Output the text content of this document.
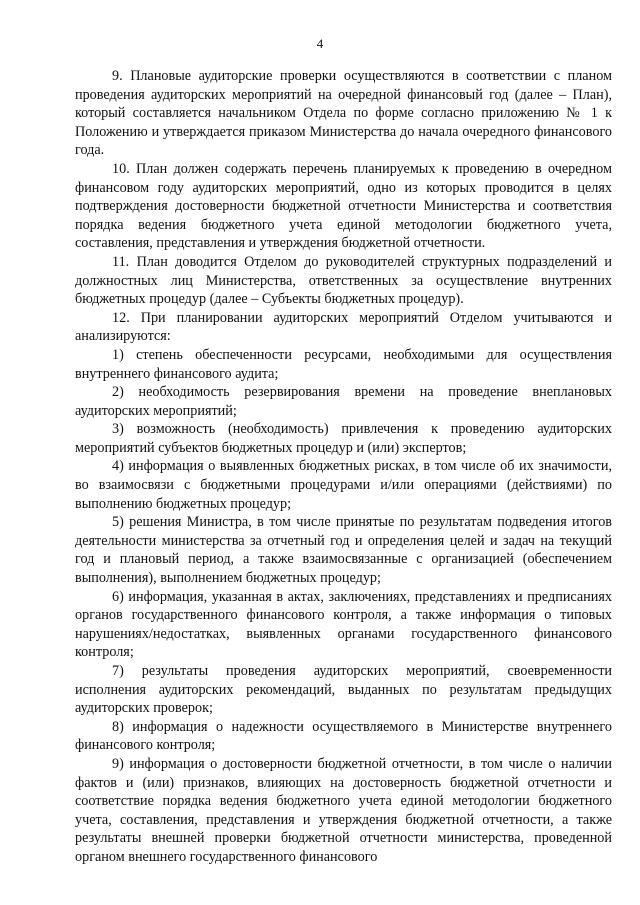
4

9. Плановые аудиторские проверки осуществляются в соответствии с планом проведения аудиторских мероприятий на очередной финансовый год (далее – План), который составляется начальником Отдела по форме согласно приложению № 1 к Положению и утверждается приказом Министерства до начала очередного финансового года.

10. План должен содержать перечень планируемых к проведению в очередном финансовом году аудиторских мероприятий, одно из которых проводится в целях подтверждения достоверности бюджетной отчетности Министерства и соответствия порядка ведения бюджетного учета единой методологии бюджетного учета, составления, представления и утверждения бюджетной отчетности.

11. План доводится Отделом до руководителей структурных подразделений и должностных лиц Министерства, ответственных за осуществление внутренних бюджетных процедур (далее – Субъекты бюджетных процедур).

12. При планировании аудиторских мероприятий Отделом учитываются и анализируются:

1) степень обеспеченности ресурсами, необходимыми для осуществления внутреннего финансового аудита;

2) необходимость резервирования времени на проведение внеплановых аудиторских мероприятий;

3) возможность (необходимость) привлечения к проведению аудиторских мероприятий субъектов бюджетных процедур и (или) экспертов;

4) информация о выявленных бюджетных рисках, в том числе об их значимости, во взаимосвязи с бюджетными процедурами и/или операциями (действиями) по выполнению бюджетных процедур;

5) решения Министра, в том числе принятые по результатам подведения итогов деятельности министерства за отчетный год и определения целей и задач на текущий год и плановый период, а также взаимосвязанные с организацией (обеспечением выполнения), выполнением бюджетных процедур;

6) информация, указанная в актах, заключениях, представлениях и предписаниях органов государственного финансового контроля, а также информация о типовых нарушениях/недостатках, выявленных органами государственного финансового контроля;

7) результаты проведения аудиторских мероприятий, своевременности исполнения аудиторских рекомендаций, выданных по результатам предыдущих аудиторских проверок;

8) информация о надежности осуществляемого в Министерстве внутреннего финансового контроля;

9) информация о достоверности бюджетной отчетности, в том числе о наличии фактов и (или) признаков, влияющих на достоверность бюджетной отчетности и соответствие порядка ведения бюджетного учета единой методологии бюджетного учета, составления, представления и утверждения бюджетной отчетности, а также результаты внешней проверки бюджетной отчетности министерства, проведенной органом внешнего государственного финансового
